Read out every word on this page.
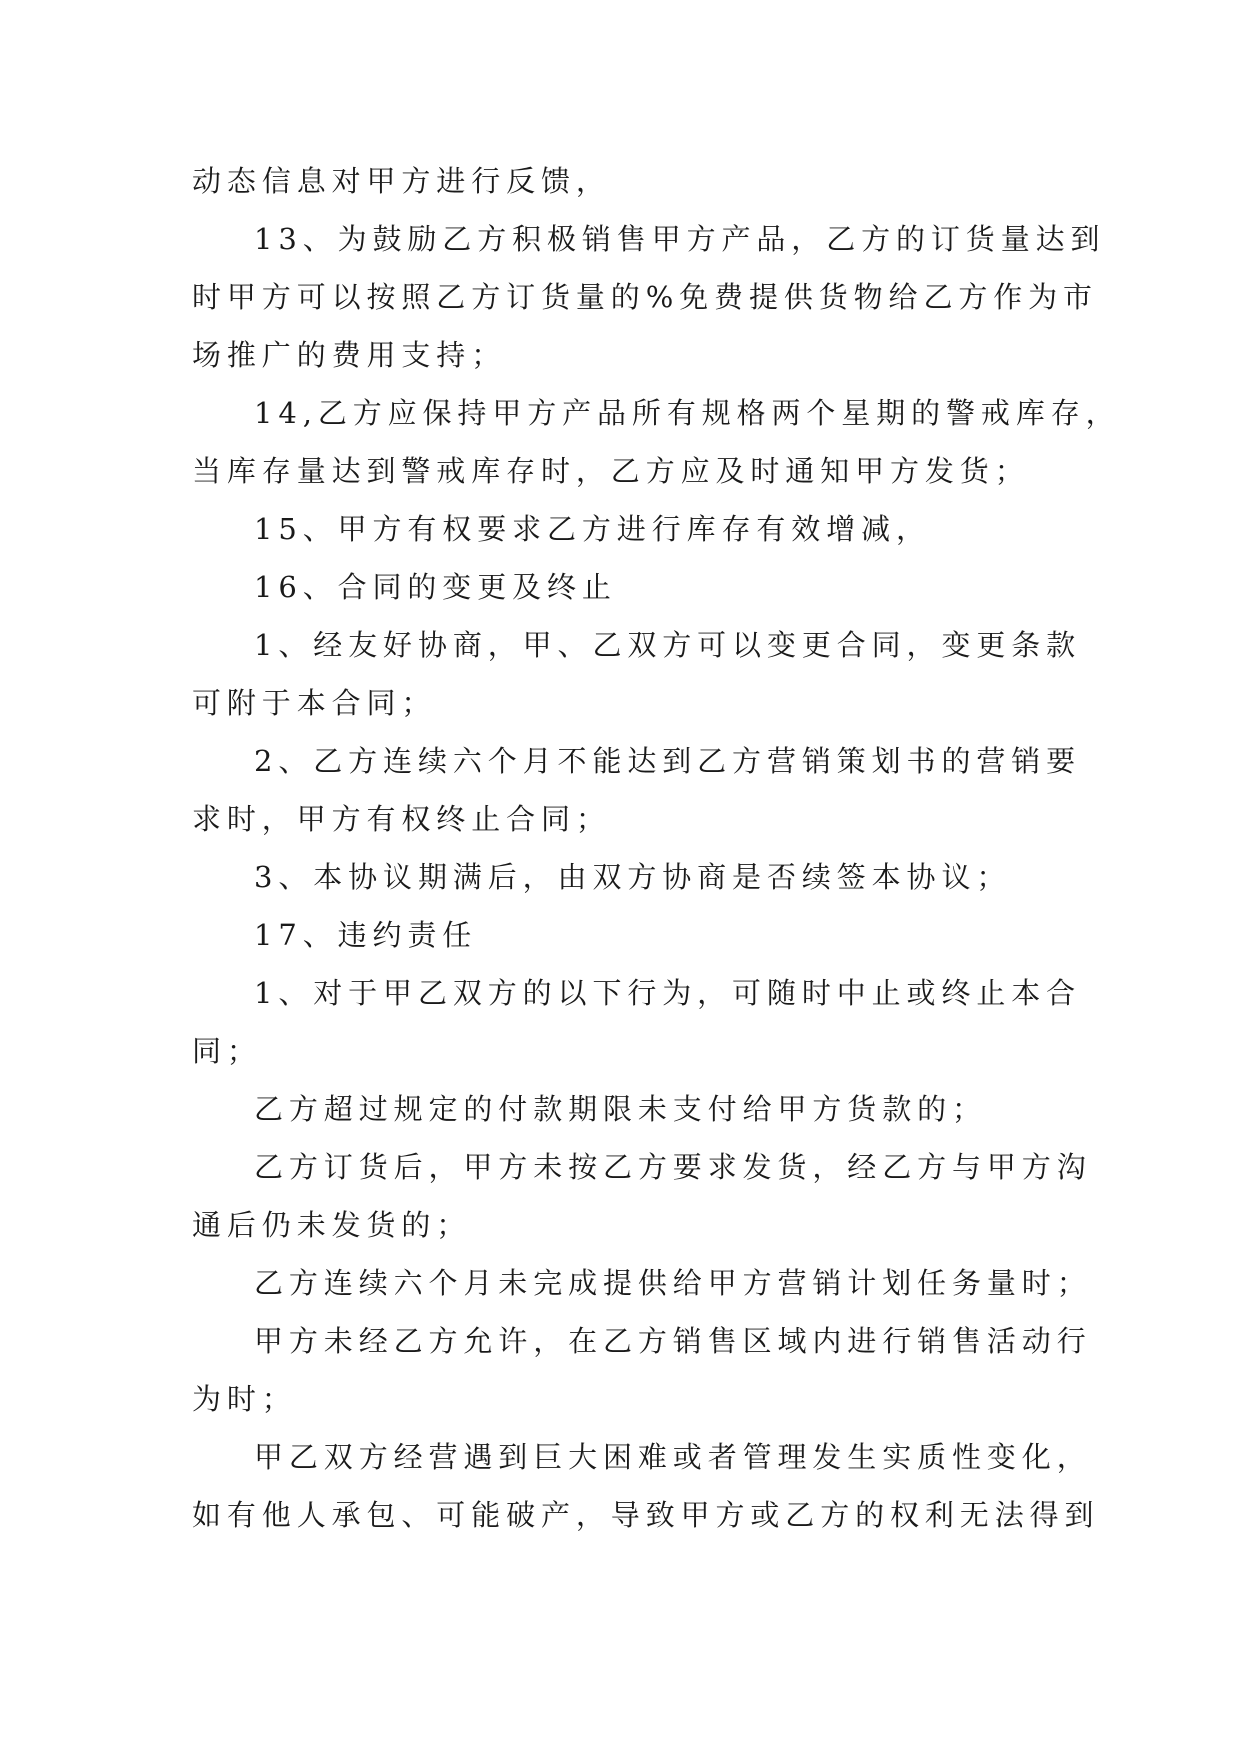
动态信息对甲方进行反馈，
13、为鼓励乙方积极销售甲方产品，乙方的订货量达到
时甲方可以按照乙方订货量的%免费提供货物给乙方作为市
场推广的费用支持；
14,乙方应保持甲方产品所有规格两个星期的警戒库存，
当库存量达到警戒库存时，乙方应及时通知甲方发货；
15、甲方有权要求乙方进行库存有效增减，
16、合同的变更及终止
1、经友好协商，甲、乙双方可以变更合同，变更条款
可附于本合同；
2、乙方连续六个月不能达到乙方营销策划书的营销要
求时，甲方有权终止合同；
3、本协议期满后，由双方协商是否续签本协议；
17、违约责任
1、对于甲乙双方的以下行为，可随时中止或终止本合
同；
乙方超过规定的付款期限未支付给甲方货款的；
乙方订货后，甲方未按乙方要求发货，经乙方与甲方沟
通后仍未发货的；
乙方连续六个月未完成提供给甲方营销计划任务量时；
甲方未经乙方允许，在乙方销售区域内进行销售活动行
为时；
甲乙双方经营遇到巨大困难或者管理发生实质性变化，
如有他人承包、可能破产，导致甲方或乙方的权利无法得到
